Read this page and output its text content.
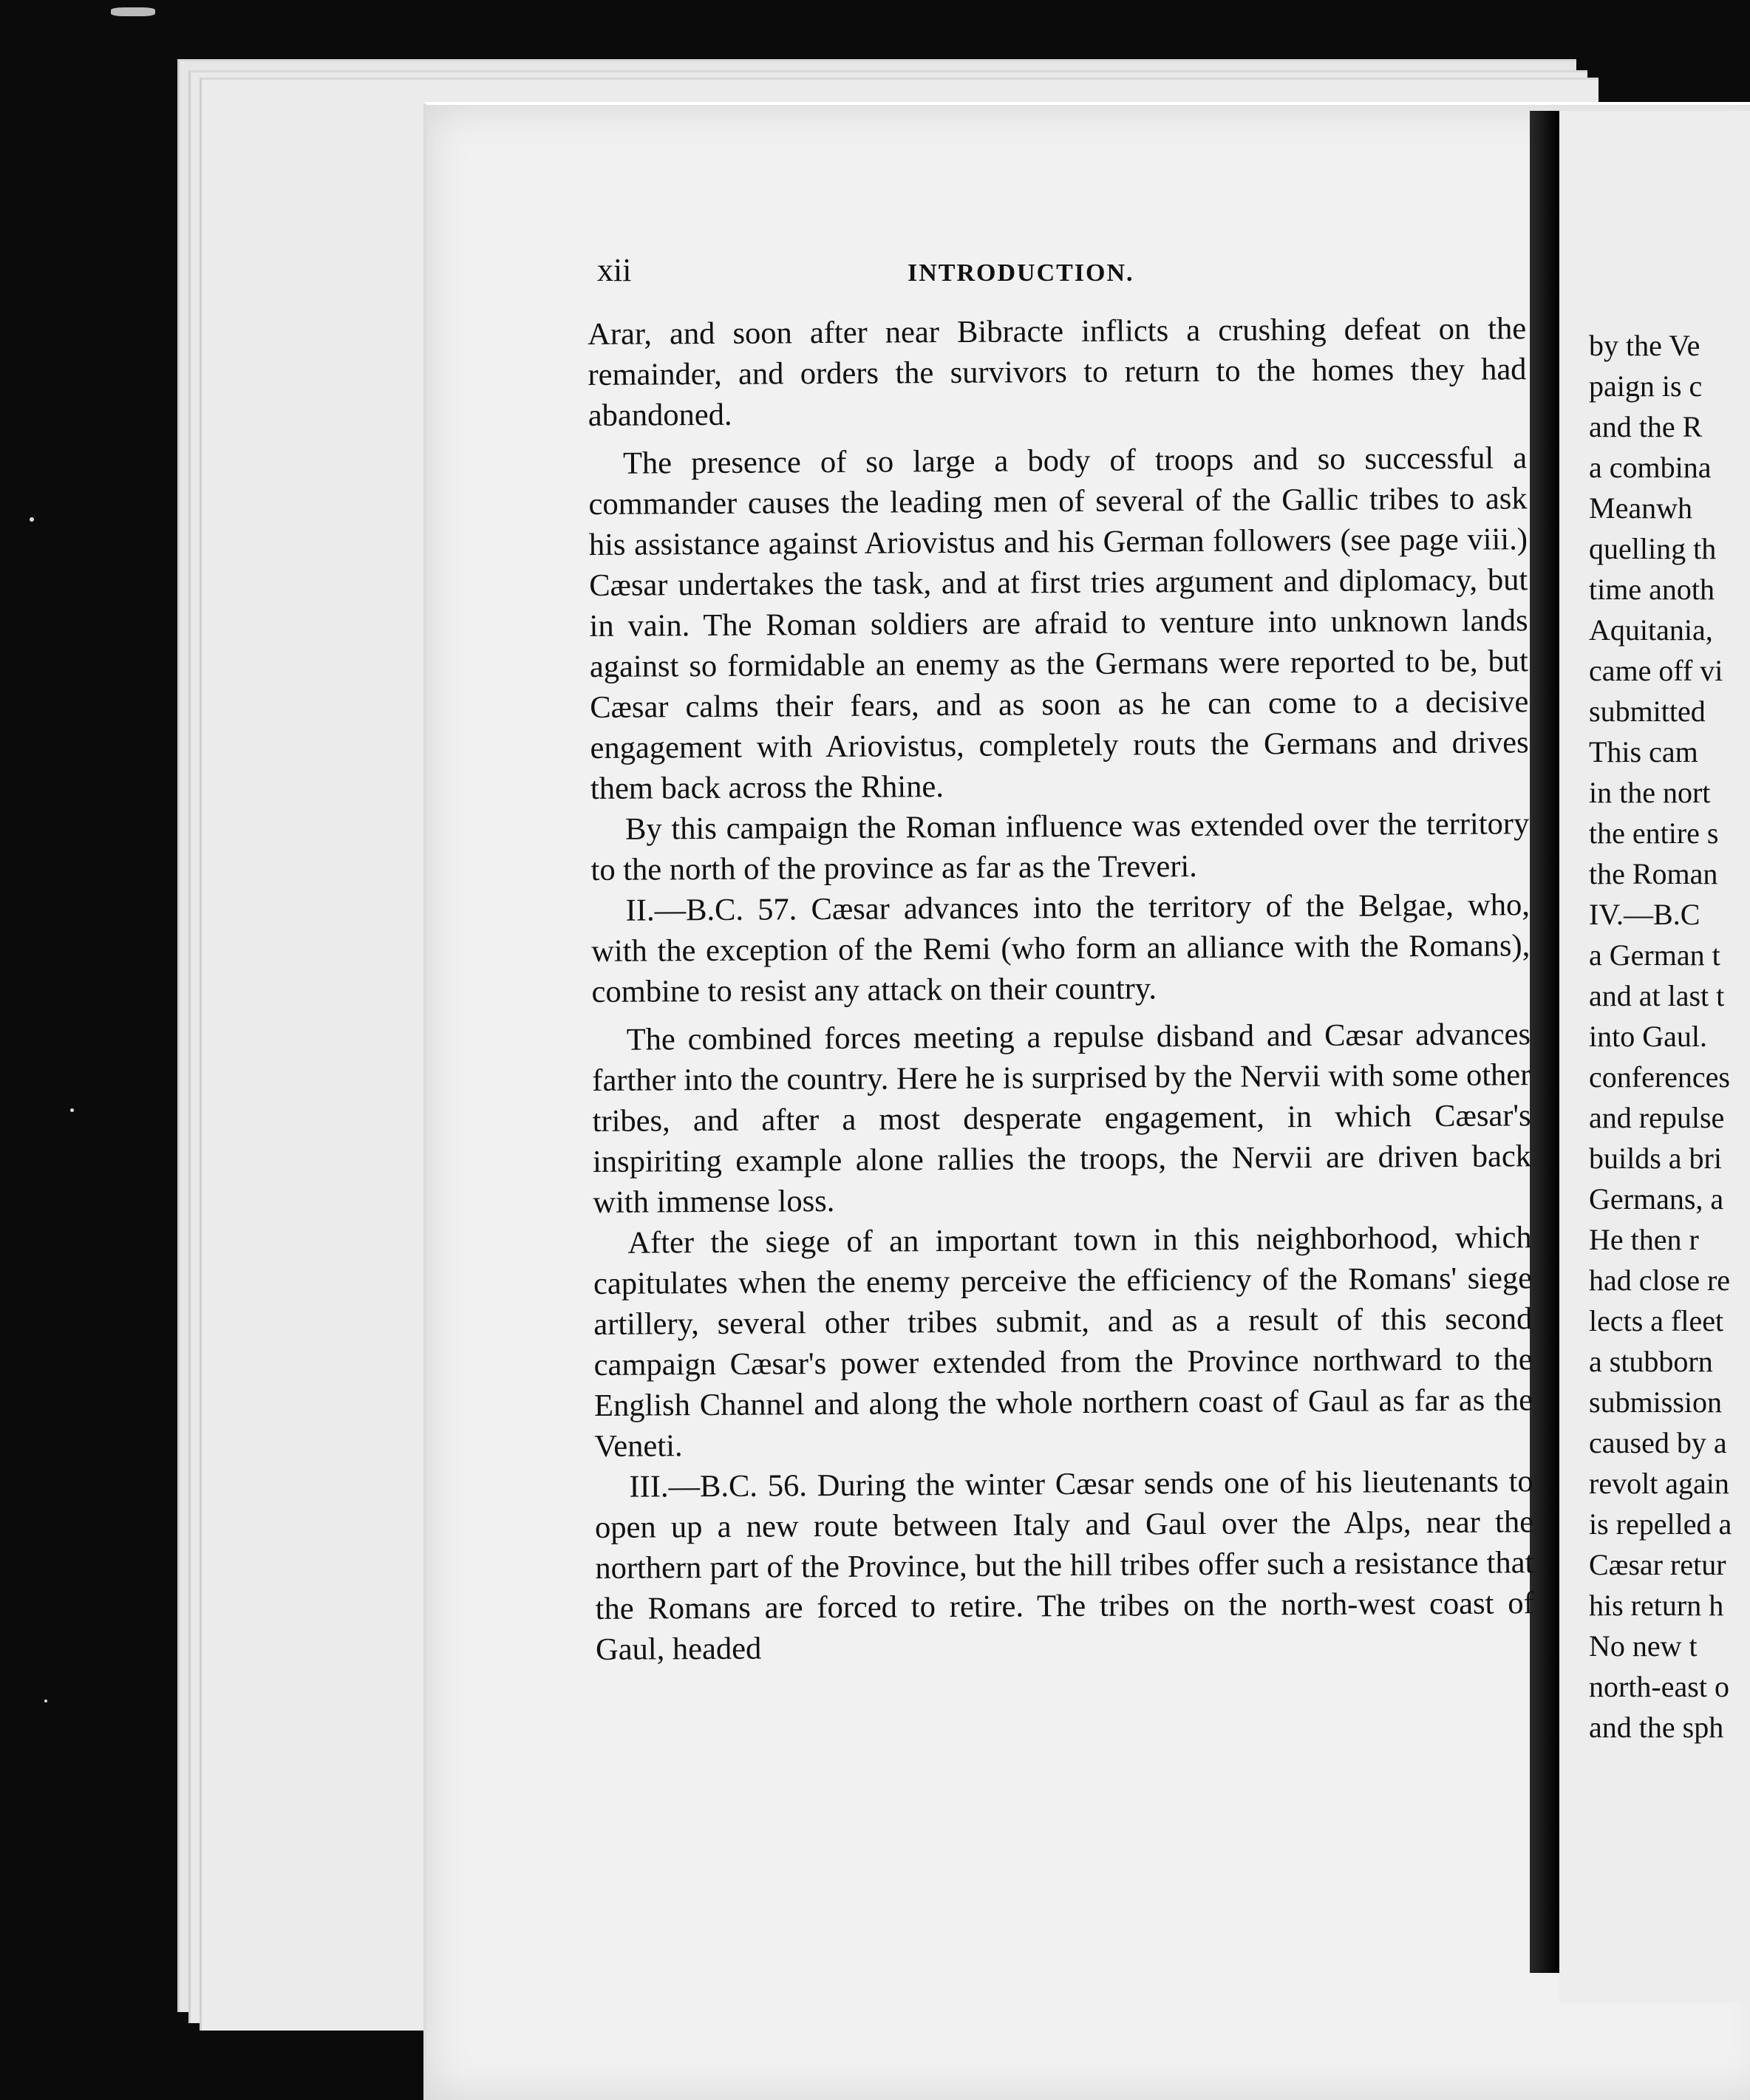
by the Ve
paign is c
and the R
a combina
Meanwh
quelling th
time anoth
Aquitania,
came off vi
submitted
This cam
in the nort
the entire s
the Roman
IV.—B.C
a German t
and at last t
into Gaul.
conferences
and repulse
builds a bri
Germans, a
He then r
had close re
lects a fleet
a stubborn
submission
caused by a
revolt again
is repelled a
Cæsar retur
his return h
No new t
north-east o
and the sph
xii	INTRODUCTION.

Arar, and soon after near Bibracte inflicts a crushing defeat on the remainder, and orders the survivors to return to the homes they had abandoned.

The presence of so large a body of troops and so successful a commander causes the leading men of several of the Gallic tribes to ask his assistance against Ariovistus and his German followers (see page viii.) Cæsar undertakes the task, and at first tries argument and diplomacy, but in vain. The Roman soldiers are afraid to venture into unknown lands against so formidable an enemy as the Germans were reported to be, but Cæsar calms their fears, and as soon as he can come to a decisive engagement with Ariovistus, completely routs the Germans and drives them back across the Rhine.

By this campaign the Roman influence was extended over the territory to the north of the province as far as the Treveri.

II.—B.C. 57. Cæsar advances into the territory of the Belgae, who, with the exception of the Remi (who form an alliance with the Romans), combine to resist any attack on their country.

The combined forces meeting a repulse disband and Cæsar advances farther into the country. Here he is surprised by the Nervii with some other tribes, and after a most desperate engagement, in which Cæsar's inspiriting example alone rallies the troops, the Nervii are driven back with immense loss.

After the siege of an important town in this neighborhood, which capitulates when the enemy perceive the efficiency of the Romans' siege artillery, several other tribes submit, and as a result of this second campaign Cæsar's power extended from the Province northward to the English Channel and along the whole northern coast of Gaul as far as the Veneti.

III.—B.C. 56. During the winter Cæsar sends one of his lieutenants to open up a new route between Italy and Gaul over the Alps, near the northern part of the Province, but the hill tribes offer such a resistance that the Romans are forced to retire. The tribes on the north-west coast of Gaul, headed
